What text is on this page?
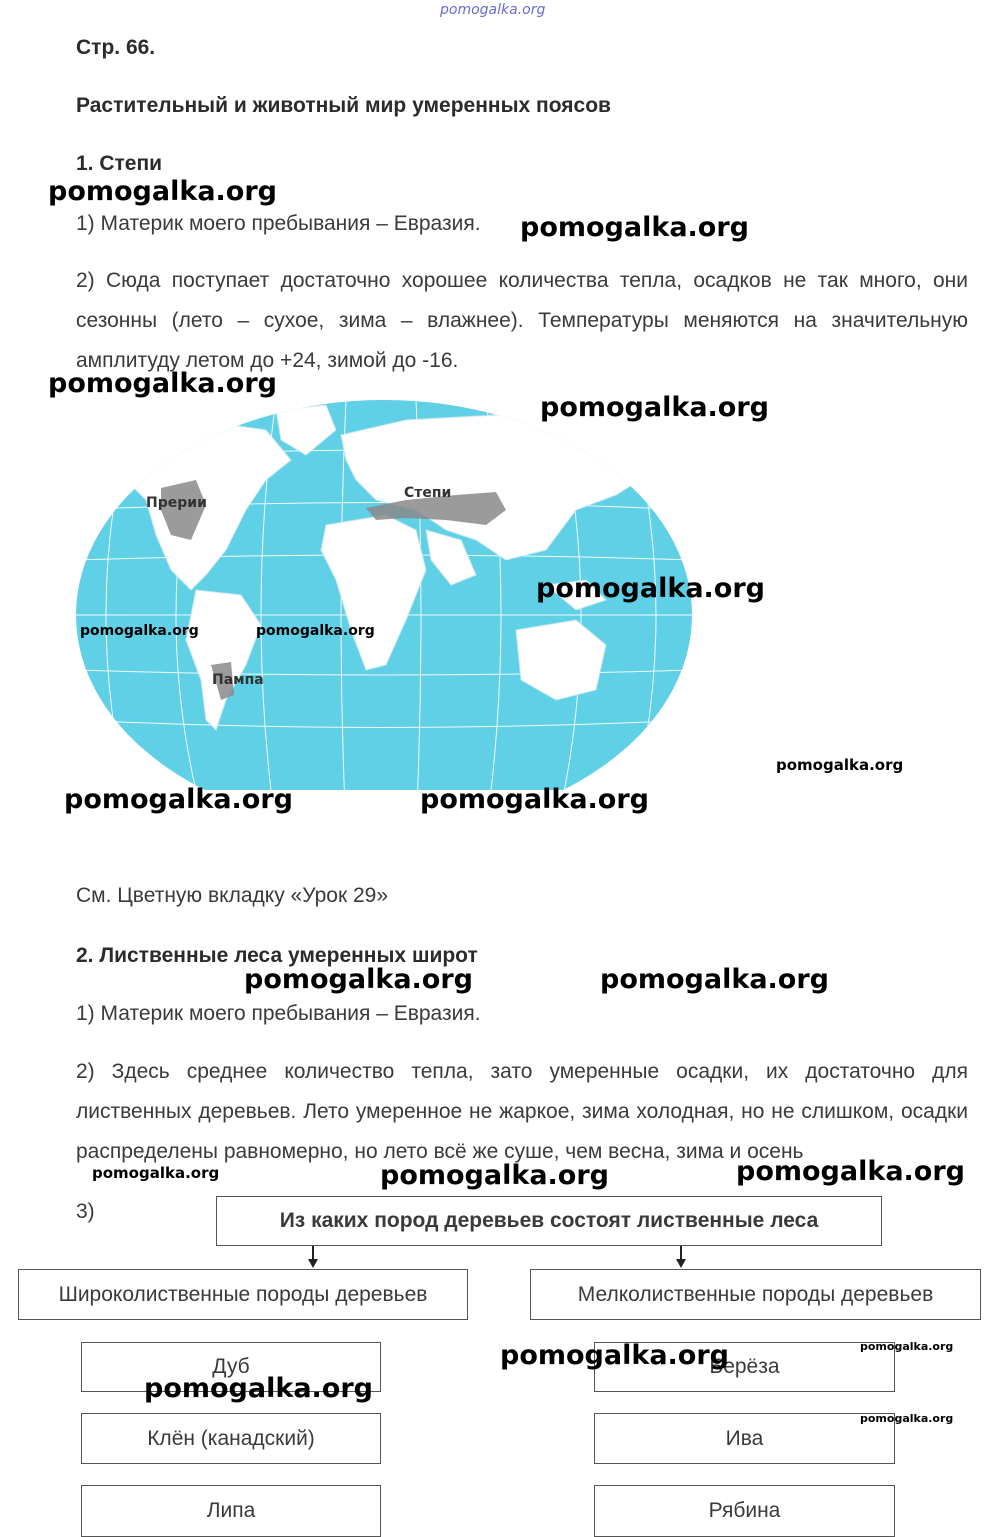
pomogalka.org
Стр. 66.
Растительный и животный мир умеренных поясов
1. Степи
1) Материк моего пребывания – Евразия.
2) Сюда поступает достаточно хорошее количества тепла, осадков не так много, они сезонны (лето – сухое, зима – влажнее). Температуры меняются на значительную амплитуду летом до +24, зимой до -16.
Прерии
Степи
Пампа
pomogalka.org	pomogalka.org
См. Цветную вкладку «Урок 29»
2. Лиственные леса умеренных широт
1) Материк моего пребывания – Евразия.
2) Здесь среднее количество тепла, зато умеренные осадки, их достаточно для лиственных деревьев. Лето умеренное не жаркое, зима холодная, но не слишком, осадки распределены равномерно, но лето всё же суше, чем весна, зима и осень
3)	Из каких пород деревьев состоят лиственные леса
Широколиственные породы деревьев	Мелколиственные породы деревьев
Дуб
Клён (канадский)
Липа
Берёза
Ива
Рябина
pomogalka.org
pomogalka.org
pomogalka.org
pomogalka.org
pomogalka.org
pomogalka.org
pomogalka.org	pomogalka.org
pomogalka.org	pomogalka.org
pomogalka.org	pomogalka.org	pomogalka.org
pomogalka.org	pomogalka.org
pomogalka.org
pomogalka.org
